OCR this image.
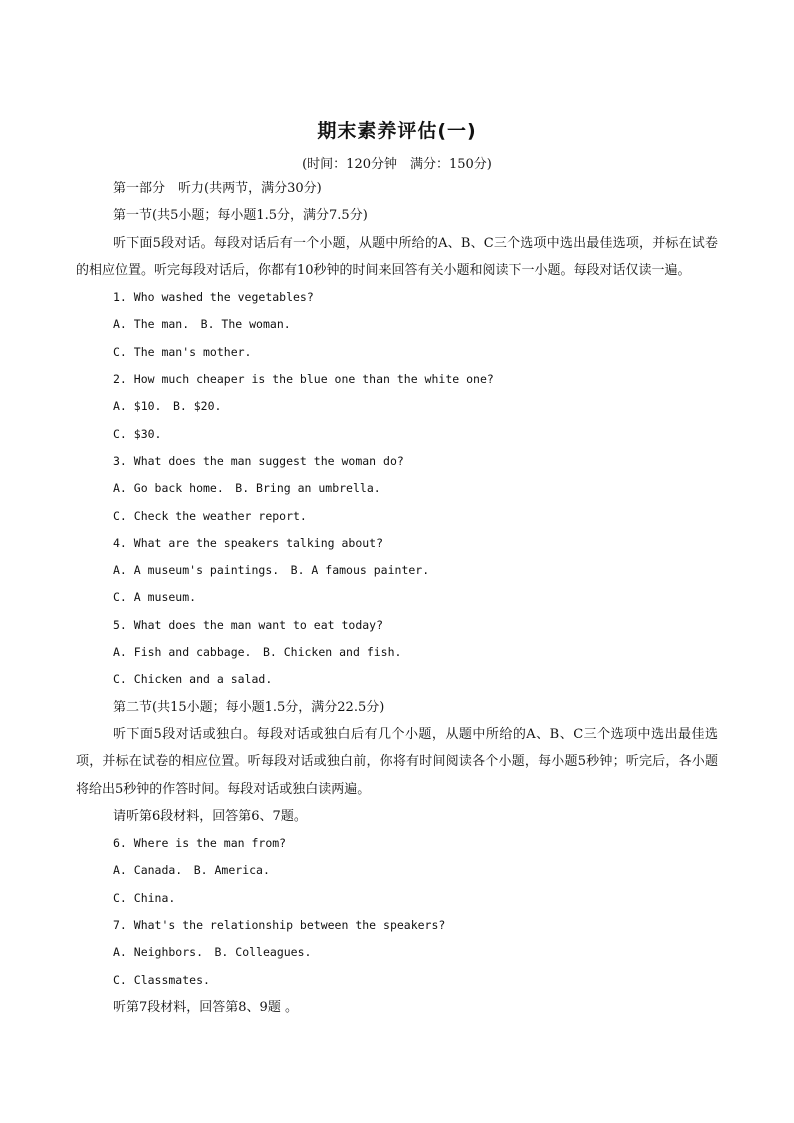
期末素养评估(一)

(时间：120分钟　满分：150分)

第一部分　听力(共两节，满分30分)

第一节(共5小题；每小题1.5分，满分7.5分)

听下面5段对话。每段对话后有一个小题，从题中所给的A、B、C三个选项中选出最佳选项，并标在试卷的相应位置。听完每段对话后，你都有10秒钟的时间来回答有关小题和阅读下一小题。每段对话仅读一遍。

1. Who washed the vegetables?

A. The man.　B. The woman.

C. The man's mother.

2. How much cheaper is the blue one than the white one?

A. $10.　B. $20.

C. $30.

3. What does the man suggest the woman do?

A. Go back home.　B. Bring an umbrella.

C. Check the weather report.

4. What are the speakers talking about?

A. A museum's paintings.　B. A famous painter.

C. A museum.

5. What does the man want to eat today?

A. Fish and cabbage.　B. Chicken and fish.

C. Chicken and a salad.

第二节(共15小题；每小题1.5分，满分22.5分)

听下面5段对话或独白。每段对话或独白后有几个小题，从题中所给的A、B、C三个选项中选出最佳选项，并标在试卷的相应位置。听每段对话或独白前，你将有时间阅读各个小题，每小题5秒钟；听完后，各小题将给出5秒钟的作答时间。每段对话或独白读两遍。

请听第6段材料，回答第6、7题。

6. Where is the man from?

A. Canada.　B. America.

C. China.

7. What's the relationship between the speakers?

A. Neighbors.　B. Colleagues.

C. Classmates.

听第7段材料，回答第8、9题 。
